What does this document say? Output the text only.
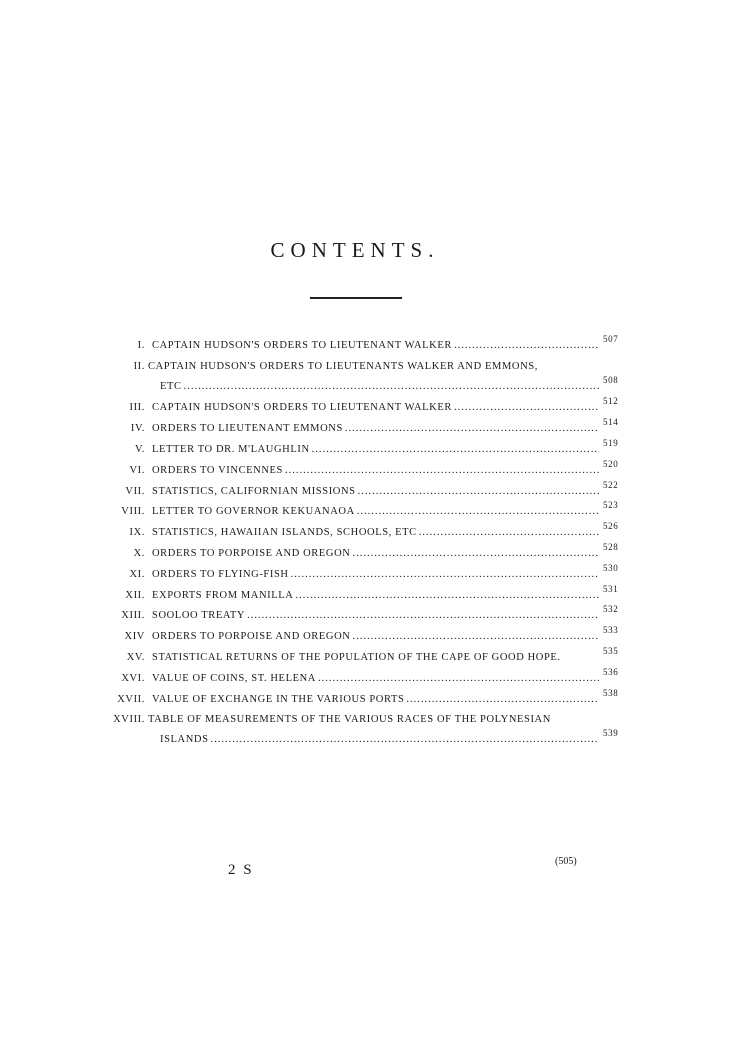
CONTENTS.
I. CAPTAIN HUDSON'S ORDERS TO LIEUTENANT WALKER
.....
507
II. CAPTAIN HUDSON'S ORDERS TO LIEUTENANTS WALKER AND EMMONS,
ETC
.....
508
III. CAPTAIN HUDSON'S ORDERS TO LIEUTENANT WALKER
.....
512
IV. ORDERS TO LIEUTENANT EMMONS
.....
514
V. LETTER TO DR. M'LAUGHLIN
.....
519
VI. ORDERS TO VINCENNES
.....
520
VII. STATISTICS, CALIFORNIAN MISSIONS
.....
522
VIII. LETTER TO GOVERNOR KEKUANAOA
.....
523
IX. STATISTICS, HAWAIIAN ISLANDS, SCHOOLS, ETC
.....
526
X. ORDERS TO PORPOISE AND OREGON
.....
528
XI. ORDERS TO FLYING-FISH
.....
530
XII. EXPORTS FROM MANILLA
.....
531
XIII. SOOLOO TREATY
.....
532
XIV ORDERS TO PORPOISE AND OREGON
.....
533
XV. STATISTICAL RETURNS OF THE POPULATION OF THE CAPE OF GOOD HOPE.
535
XVI. VALUE OF COINS, ST. HELENA
.....
536
XVII. VALUE OF EXCHANGE IN THE VARIOUS PORTS
.....
538
XVIII. TABLE OF MEASUREMENTS OF THE VARIOUS RACES OF THE POLYNESIAN
ISLANDS
.....
539
2 S
(505)
